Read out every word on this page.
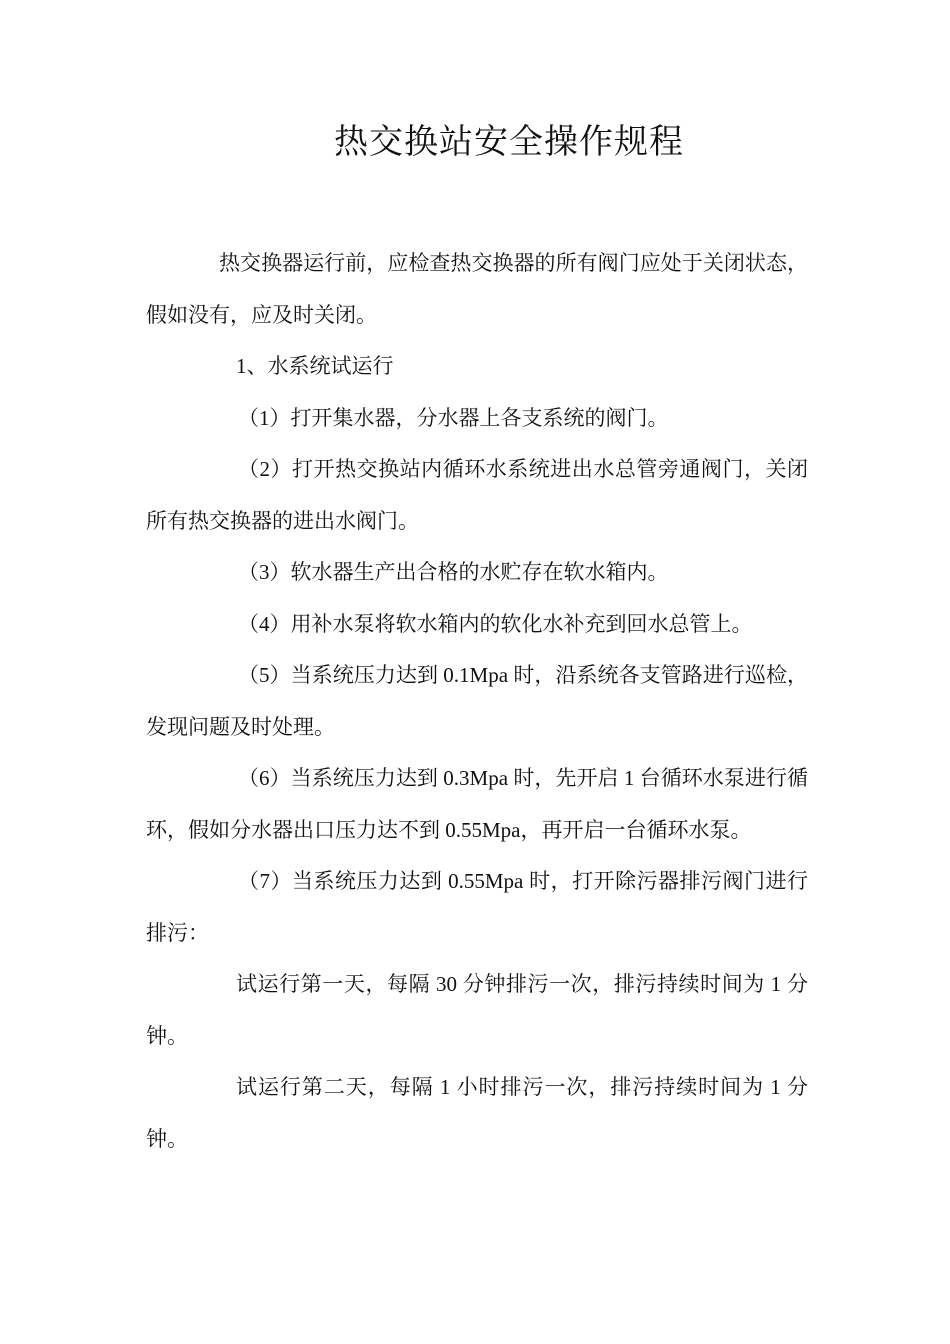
热交换站安全操作规程

热交换器运行前，应检查热交换器的所有阀门应处于关闭状态，假如没有，应及时关闭。

1、水系统试运行

（1）打开集水器，分水器上各支系统的阀门。

（2）打开热交换站内循环水系统进出水总管旁通阀门，关闭所有热交换器的进出水阀门。

（3）软水器生产出合格的水贮存在软水箱内。

（4）用补水泵将软水箱内的软化水补充到回水总管上。

（5）当系统压力达到 0.1Mpa 时，沿系统各支管路进行巡检，发现问题及时处理。

（6）当系统压力达到 0.3Mpa 时，先开启 1 台循环水泵进行循环，假如分水器出口压力达不到 0.55Mpa，再开启一台循环水泵。

（7）当系统压力达到 0.55Mpa 时，打开除污器排污阀门进行排污：

试运行第一天，每隔 30 分钟排污一次，排污持续时间为 1 分钟。

试运行第二天，每隔 1 小时排污一次，排污持续时间为 1 分钟。
